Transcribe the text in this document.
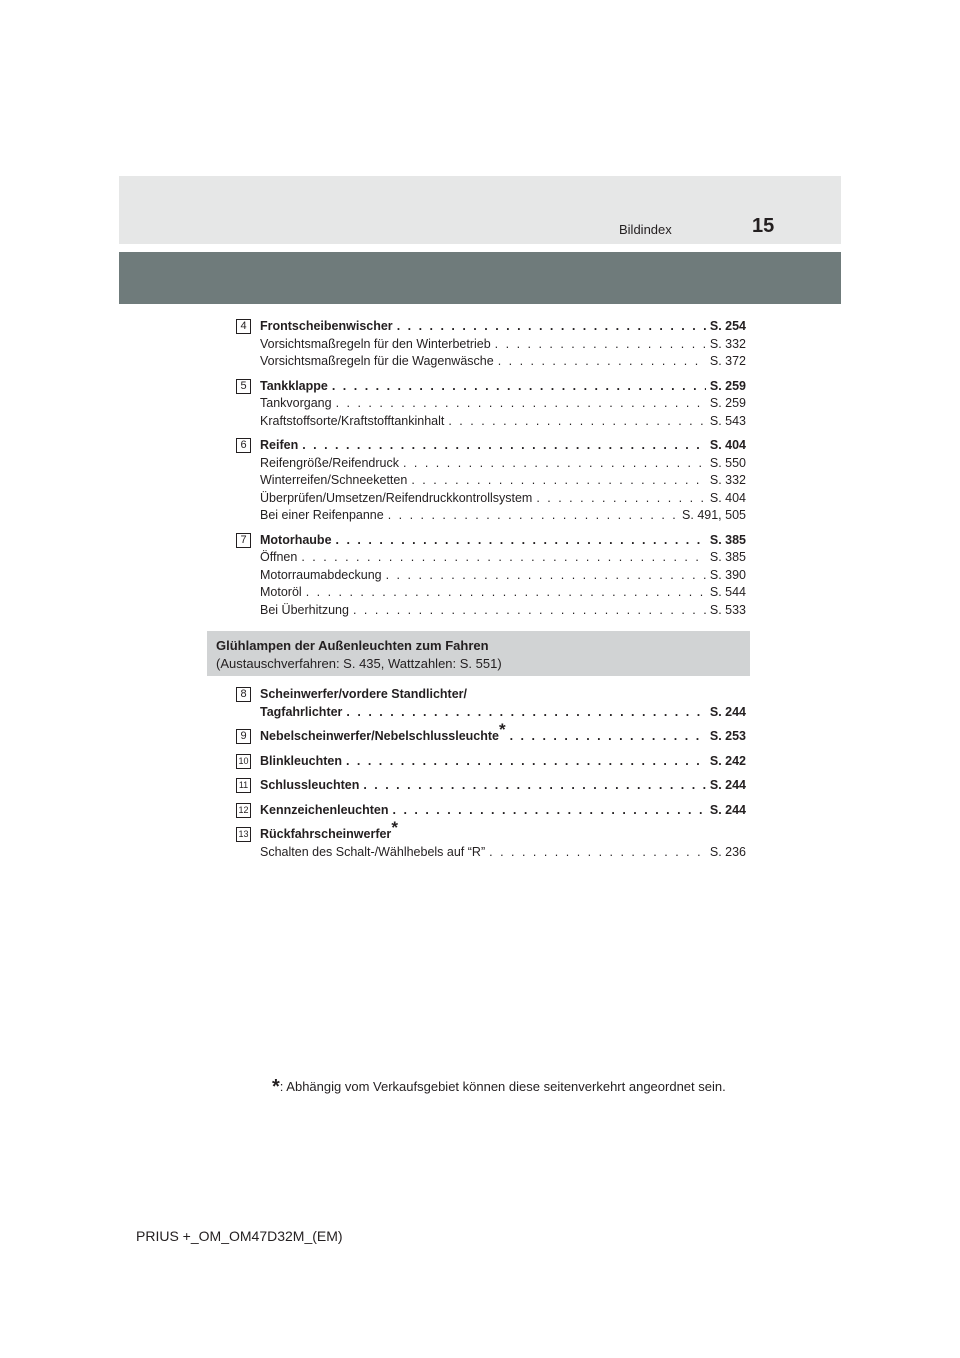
Bildindex	15
4	Frontscheibenwischer . . .	S. 254
Vorsichtsmaßregeln für den Winterbetrieb . . .	S. 332
Vorsichtsmaßregeln für die Wagenwäsche . . .	S. 372
5	Tankklappe . . .	S. 259
Tankvorgang . . .	S. 259
Kraftstoffsorte/Kraftstofftankinhalt . . .	S. 543
6	Reifen . . .	S. 404
Reifengröße/Reifendruck . . .	S. 550
Winterreifen/Schneeketten . . .	S. 332
Überprüfen/Umsetzen/Reifendruckkontrollsystem . . .	S. 404
Bei einer Reifenpanne . . .	S. 491, 505
7	Motorhaube . . .	S. 385
Öffnen . . .	S. 385
Motorraumabdeckung . . .	S. 390
Motoröl . . .	S. 544
Bei Überhitzung . . .	S. 533
Glühlampen der Außenleuchten zum Fahren
(Austauschverfahren: S. 435, Wattzahlen: S. 551)
8	Scheinwerfer/vordere Standlichter/
Tagfahrlichter . . .	S. 244
9	Nebelscheinwerfer/Nebelschlussleuchte* . . .	S. 253
10 Blinkleuchten . . .	S. 242
11 Schlussleuchten . . .	S. 244
12 Kennzeichenleuchten . . .	S. 244
13 Rückfahrscheinwerfer*
Schalten des Schalt-/Wählhebels auf “R” . . .	S. 236
*: Abhängig vom Verkaufsgebiet können diese seitenverkehrt angeordnet sein.
PRIUS +_OM_OM47D32M_(EM)
